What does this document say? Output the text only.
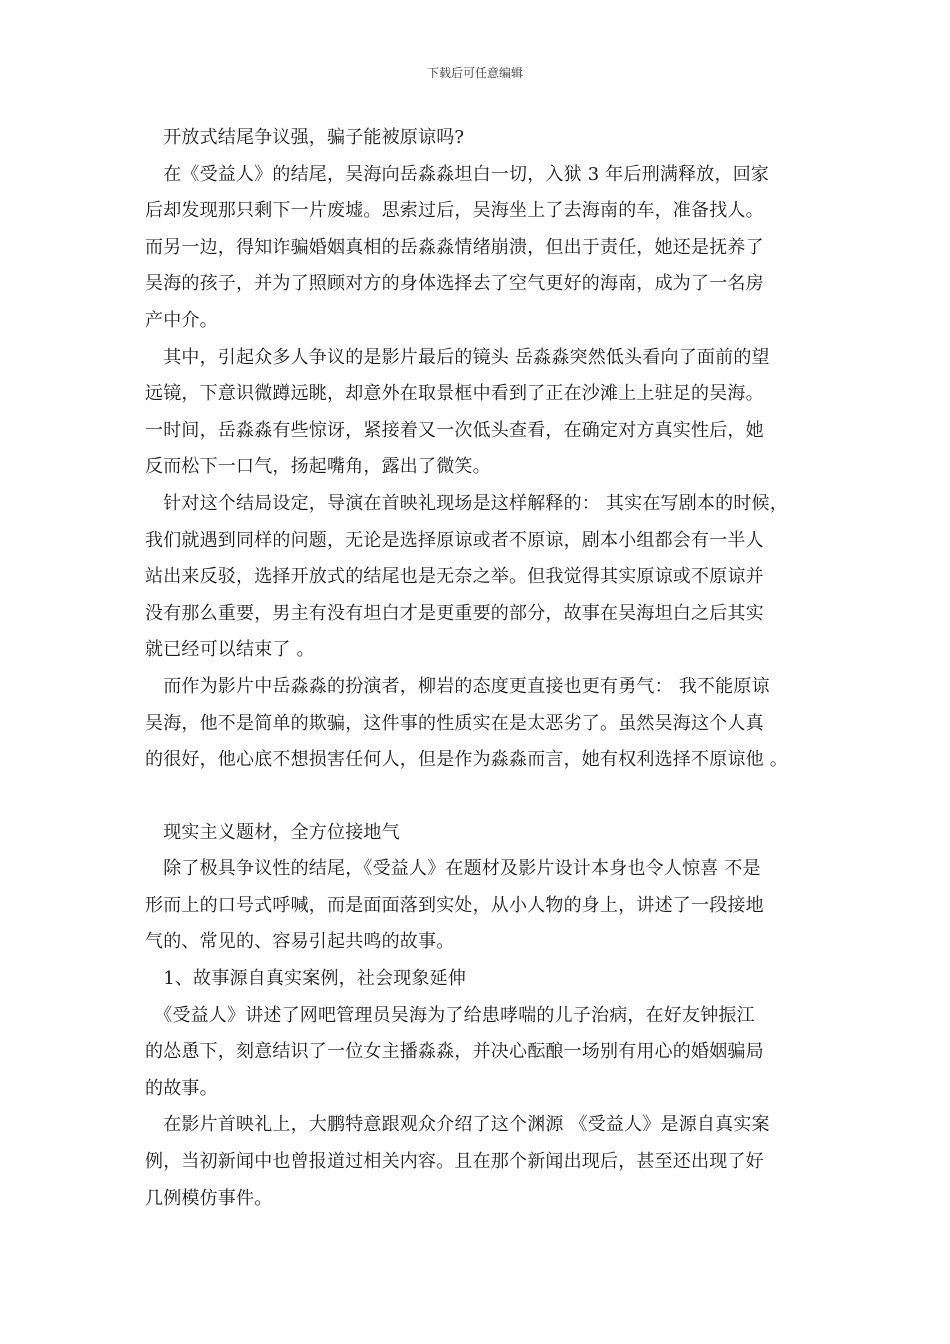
下载后可任意编辑
　开放式结尾争议强，骗子能被原谅吗?
　在《受益人》的结尾，吴海向岳淼淼坦白一切，入狱 3 年后刑满释放，回家
后却发现那只剩下一片废墟。思索过后，吴海坐上了去海南的车，准备找人。
而另一边，得知诈骗婚姻真相的岳淼淼情绪崩溃，但出于责任，她还是抚养了
吴海的孩子，并为了照顾对方的身体选择去了空气更好的海南，成为了一名房
产中介。
　其中，引起众多人争议的是影片最后的镜头 岳淼淼突然低头看向了面前的望
远镜，下意识微蹲远眺，却意外在取景框中看到了正在沙滩上上驻足的吴海。
一时间，岳淼淼有些惊讶，紧接着又一次低头查看，在确定对方真实性后，她
反而松下一口气，扬起嘴角，露出了微笑。
　针对这个结局设定，导演在首映礼现场是这样解释的： 其实在写剧本的时候，
我们就遇到同样的问题，无论是选择原谅或者不原谅，剧本小组都会有一半人
站出来反驳，选择开放式的结尾也是无奈之举。但我觉得其实原谅或不原谅并
没有那么重要，男主有没有坦白才是更重要的部分，故事在吴海坦白之后其实
就已经可以结束了 。
　而作为影片中岳淼淼的扮演者，柳岩的态度更直接也更有勇气： 我不能原谅
吴海，他不是简单的欺骗，这件事的性质实在是太恶劣了。虽然吴海这个人真
的很好，他心底不想损害任何人，但是作为淼淼而言，她有权利选择不原谅他 。
　现实主义题材，全方位接地气
　除了极具争议性的结尾，《受益人》在题材及影片设计本身也令人惊喜 不是
形而上的口号式呼喊，而是面面落到实处，从小人物的身上，讲述了一段接地
气的、常见的、容易引起共鸣的故事。
　1、故事源自真实案例，社会现象延伸
　《受益人》讲述了网吧管理员吴海为了给患哮喘的儿子治病，在好友钟振江
的怂恿下，刻意结识了一位女主播淼淼，并决心酝酿一场别有用心的婚姻骗局
的故事。
　在影片首映礼上，大鹏特意跟观众介绍了这个渊源 《受益人》是源自真实案
例，当初新闻中也曾报道过相关内容。且在那个新闻出现后，甚至还出现了好
几例模仿事件。
